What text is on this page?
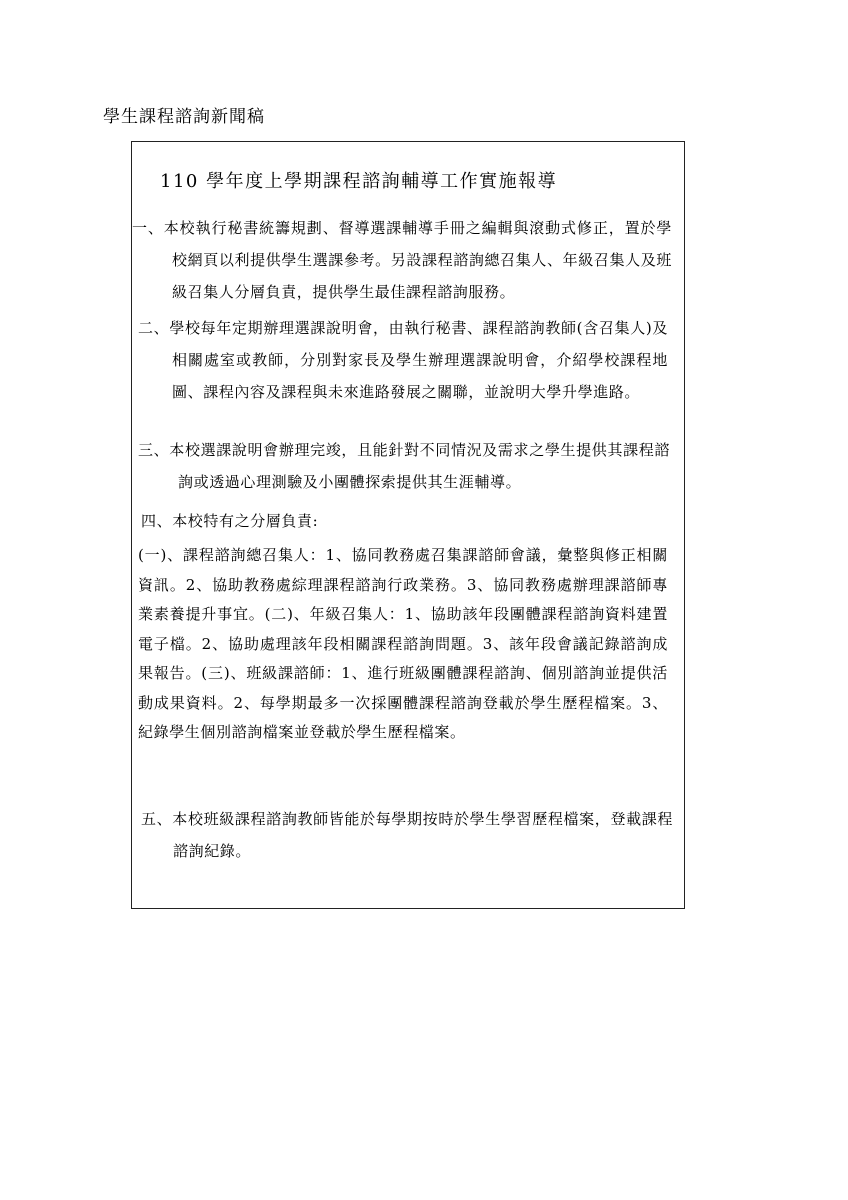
學生課程諮詢新聞稿
110 學年度上學期課程諮詢輔導工作實施報導

一、本校執行秘書統籌規劃、督導選課輔導手冊之編輯與滾動式修正，置於學校網頁以利提供學生選課參考。另設課程諮詢總召集人、年級召集人及班級召集人分層負責，提供學生最佳課程諮詢服務。

二、學校每年定期辦理選課說明會，由執行秘書、課程諮詢教師(含召集人)及相關處室或教師，分別對家長及學生辦理選課說明會，介紹學校課程地圖、課程內容及課程與未來進路發展之關聯，並說明大學升學進路。

三、本校選課說明會辦理完竣，且能針對不同情況及需求之學生提供其課程諮詢或透過心理測驗及小團體探索提供其生涯輔導。

四、本校特有之分層負責:

(一)、課程諮詢總召集人：1、協同教務處召集課諮師會議，彙整與修正相關資訊。2、協助教務處綜理課程諮詢行政業務。3、協同教務處辦理課諮師專業素養提升事宜。(二)、年級召集人：1、協助該年段團體課程諮詢資料建置電子檔。2、協助處理該年段相關課程諮詢問題。3、該年段會議記錄諮詢成果報告。(三)、班級課諮師：1、進行班級團體課程諮詢、個別諮詢並提供活動成果資料。2、每學期最多一次採團體課程諮詢登載於學生歷程檔案。3、紀錄學生個別諮詢檔案並登載於學生歷程檔案。

五、本校班級課程諮詢教師皆能於每學期按時於學生學習歷程檔案，登載課程諮詢紀錄。
